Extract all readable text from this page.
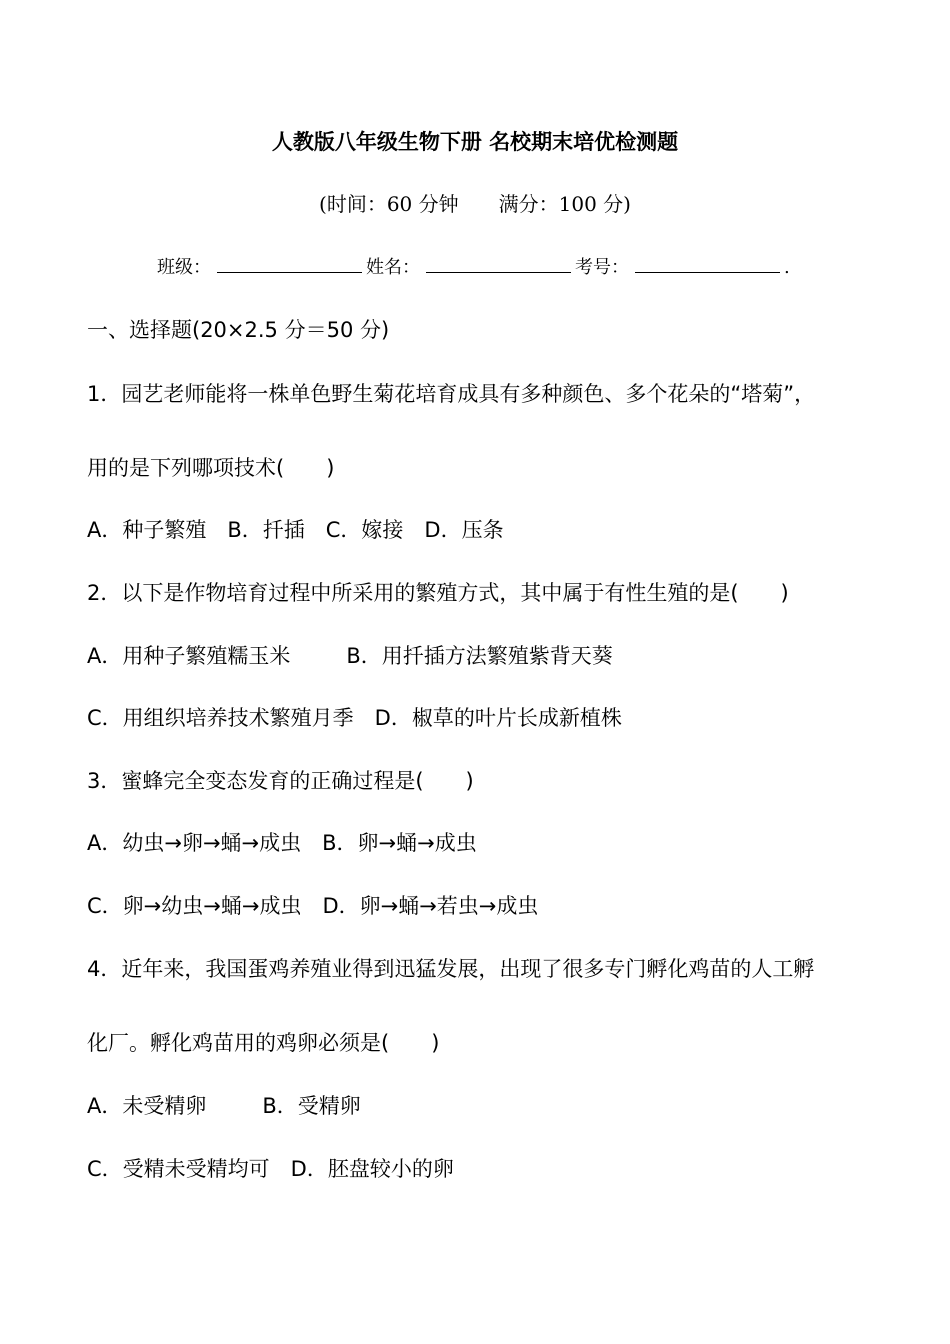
人教版八年级生物下册 名校期末培优检测题
(时间：60 分钟　　满分：100 分)
班级：	姓名：	考号：	.
一、选择题(20×2.5 分＝50 分)
1．园艺老师能将一株单色野生菊花培育成具有多种颜色、多个花朵的“塔菊”，
用的是下列哪项技术(　　)
A．种子繁殖　B．扦插　C．嫁接　D．压条
2．以下是作物培育过程中所采用的繁殖方式，其中属于有性生殖的是(　　)
A．用种子繁殖糯玉米	B．用扦插方法繁殖紫背天葵
C．用组织培养技术繁殖月季　D．椒草的叶片长成新植株
3．蜜蜂完全变态发育的正确过程是(　　)
A．幼虫→卵→蛹→成虫　B．卵→蛹→成虫
C．卵→幼虫→蛹→成虫　D．卵→蛹→若虫→成虫
4．近年来，我国蛋鸡养殖业得到迅猛发展，出现了很多专门孵化鸡苗的人工孵
化厂。孵化鸡苗用的鸡卵必须是(　　)
A．未受精卵	B．受精卵
C．受精未受精均可　D．胚盘较小的卵
